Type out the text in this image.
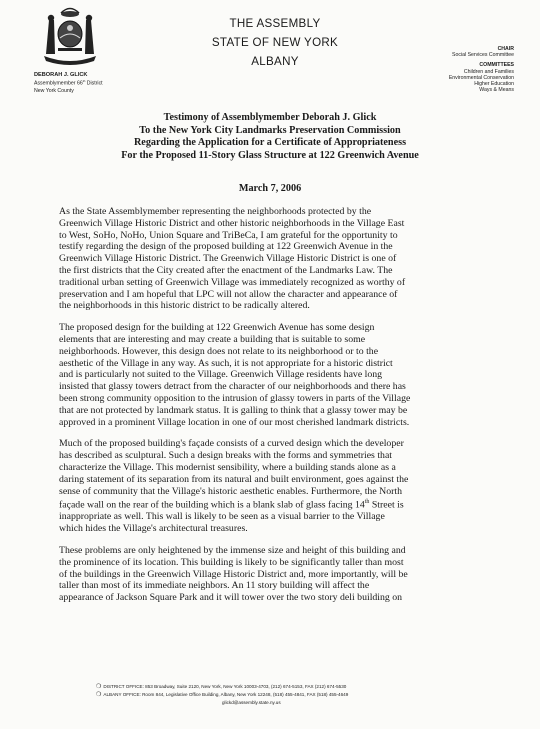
DEBORAH J. GLICK
Assemblymember 66th District
New York County
THE ASSEMBLY
STATE OF NEW YORK
ALBANY
CHAIR
Social Services Committee
COMMITTEES
Children and Families
Environmental Conservation
Higher Education
Ways & Means
Testimony of Assemblymember Deborah J. Glick
To the New York City Landmarks Preservation Commission
Regarding the Application for a Certificate of Appropriateness
For the Proposed 11-Story Glass Structure at 122 Greenwich Avenue
March 7, 2006

As the State Assemblymember representing the neighborhoods protected by the
Greenwich Village Historic District and other historic neighborhoods in the Village East
to West, SoHo, NoHo, Union Square and TriBeCa, I am grateful for the opportunity to
testify regarding the design of the proposed building at 122 Greenwich Avenue in the
Greenwich Village Historic District. The Greenwich Village Historic District is one of
the first districts that the City created after the enactment of the Landmarks Law. The
traditional urban setting of Greenwich Village was immediately recognized as worthy of
preservation and I am hopeful that LPC will not allow the character and appearance of
the neighborhoods in this historic district to be radically altered.

The proposed design for the building at 122 Greenwich Avenue has some design
elements that are interesting and may create a building that is suitable to some
neighborhoods. However, this design does not relate to its neighborhood or to the
aesthetic of the Village in any way. As such, it is not appropriate for a historic district
and is particularly not suited to the Village. Greenwich Village residents have long
insisted that glassy towers detract from the character of our neighborhoods and there has
been strong community opposition to the intrusion of glassy towers in parts of the Village
that are not protected by landmark status. It is galling to think that a glassy tower may be
approved in a prominent Village location in one of our most cherished landmark districts.

Much of the proposed building's façade consists of a curved design which the developer
has described as sculptural. Such a design breaks with the forms and symmetries that
characterize the Village. This modernist sensibility, where a building stands alone as a
daring statement of its separation from its natural and built environment, goes against the
sense of community that the Village's historic aesthetic enables. Furthermore, the North
façade wall on the rear of the building which is a blank slab of glass facing 14th Street is
inappropriate as well. This wall is likely to be seen as a visual barrier to the Village
which hides the Village's architectural treasures.

These problems are only heightened by the immense size and height of this building and
the prominence of its location. This building is likely to be significantly taller than most
of the buildings in the Greenwich Village Historic District and, more importantly, will be
taller than most of its immediate neighbors. An 11 story building will affect the
appearance of Jackson Square Park and it will tower over the two story deli building on

❍ DISTRICT OFFICE: 853 Broadway, Suite 2120, New York, New York 10003-4703, (212) 674-5153, FAX (212) 674-5530
❍ ALBANY OFFICE: Room 844, Legislative Office Building, Albany, New York 12248, (518) 455-4841, FAX (518) 455-4649
glickd@assembly.state.ny.us
